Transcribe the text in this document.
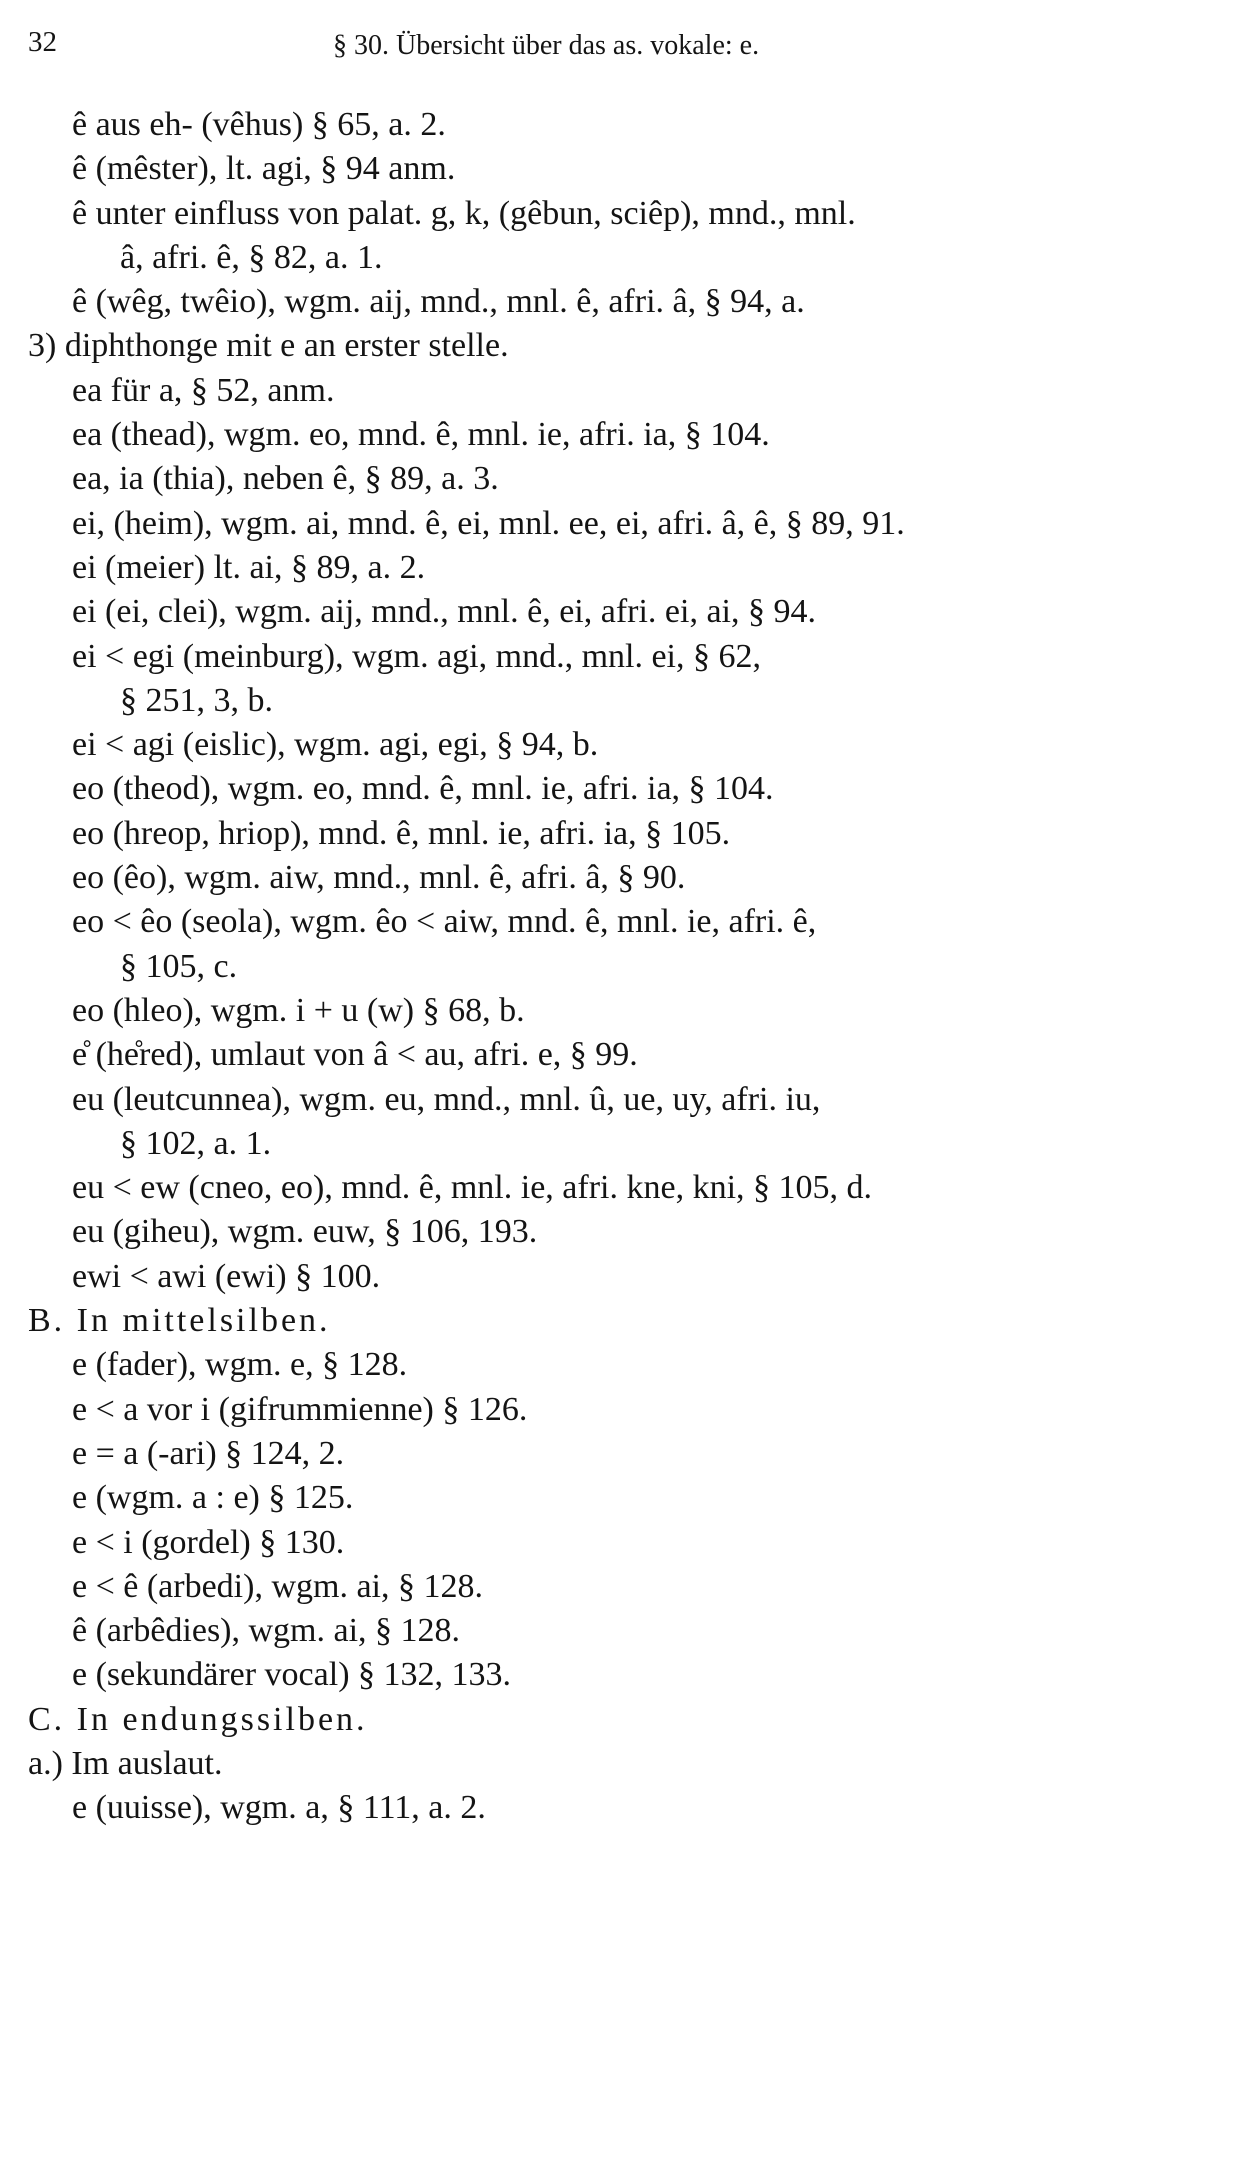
32	§ 30. Übersicht über das as. vokale: e.
ê aus eh- (vêhus) § 65, a. 2.
ê (mêster), lt. agi, § 94 anm.
ê unter einfluss von palat. g, k, (gêbun, sciêp), mnd., mnl.
â, afri. ê, § 82, a. 1.
ê (wêg, twêio), wgm. aij, mnd., mnl. ê, afri. â, § 94, a.
3) diphthonge mit e an erster stelle.
ea für a, § 52, anm.
ea (thead), wgm. eo, mnd. ê, mnl. ie, afri. ia, § 104.
ea, ia (thia), neben ê, § 89, a. 3.
ei, (heim), wgm. ai, mnd. ê, ei, mnl. ee, ei, afri. â, ê, § 89, 91.
ei (meier) lt. ai, § 89, a. 2.
ei (ei, clei), wgm. aij, mnd., mnl. ê, ei, afri. ei, ai, § 94.
ei < egi (meinburg), wgm. agi, mnd., mnl. ei, § 62,
§ 251, 3, b.
ei < agi (eislic), wgm. agi, egi, § 94, b.
eo (theod), wgm. eo, mnd. ê, mnl. ie, afri. ia, § 104.
eo (hreop, hriop), mnd. ê, mnl. ie, afri. ia, § 105.
eo (êo), wgm. aiw, mnd., mnl. ê, afri. â, § 90.
eo < êo (seola), wgm. êo < aiw, mnd. ê, mnl. ie, afri. ê,
§ 105, c.
eo (hleo), wgm. i + u (w) § 68, b.
e̊ (he̊red), umlaut von â < au, afri. e, § 99.
eu (leutcunnea), wgm. eu, mnd., mnl. û, ue, uy, afri. iu,
§ 102, a. 1.
eu < ew (cneo, eo), mnd. ê, mnl. ie, afri. kne, kni, § 105, d.
eu (giheu), wgm. euw, § 106, 193.
ewi < awi (ewi) § 100.
B. In mittelsilben.
e (fader), wgm. e, § 128.
e < a vor i (gifrummienne) § 126.
e = a (-ari) § 124, 2.
e (wgm. a : e) § 125.
e < i (gordel) § 130.
e < ê (arbedi), wgm. ai, § 128.
ê (arbêdies), wgm. ai, § 128.
e (sekundärer vocal) § 132, 133.
C. In endungssilben.
a.) Im auslaut.
e (uuisse), wgm. a, § 111, a. 2.
